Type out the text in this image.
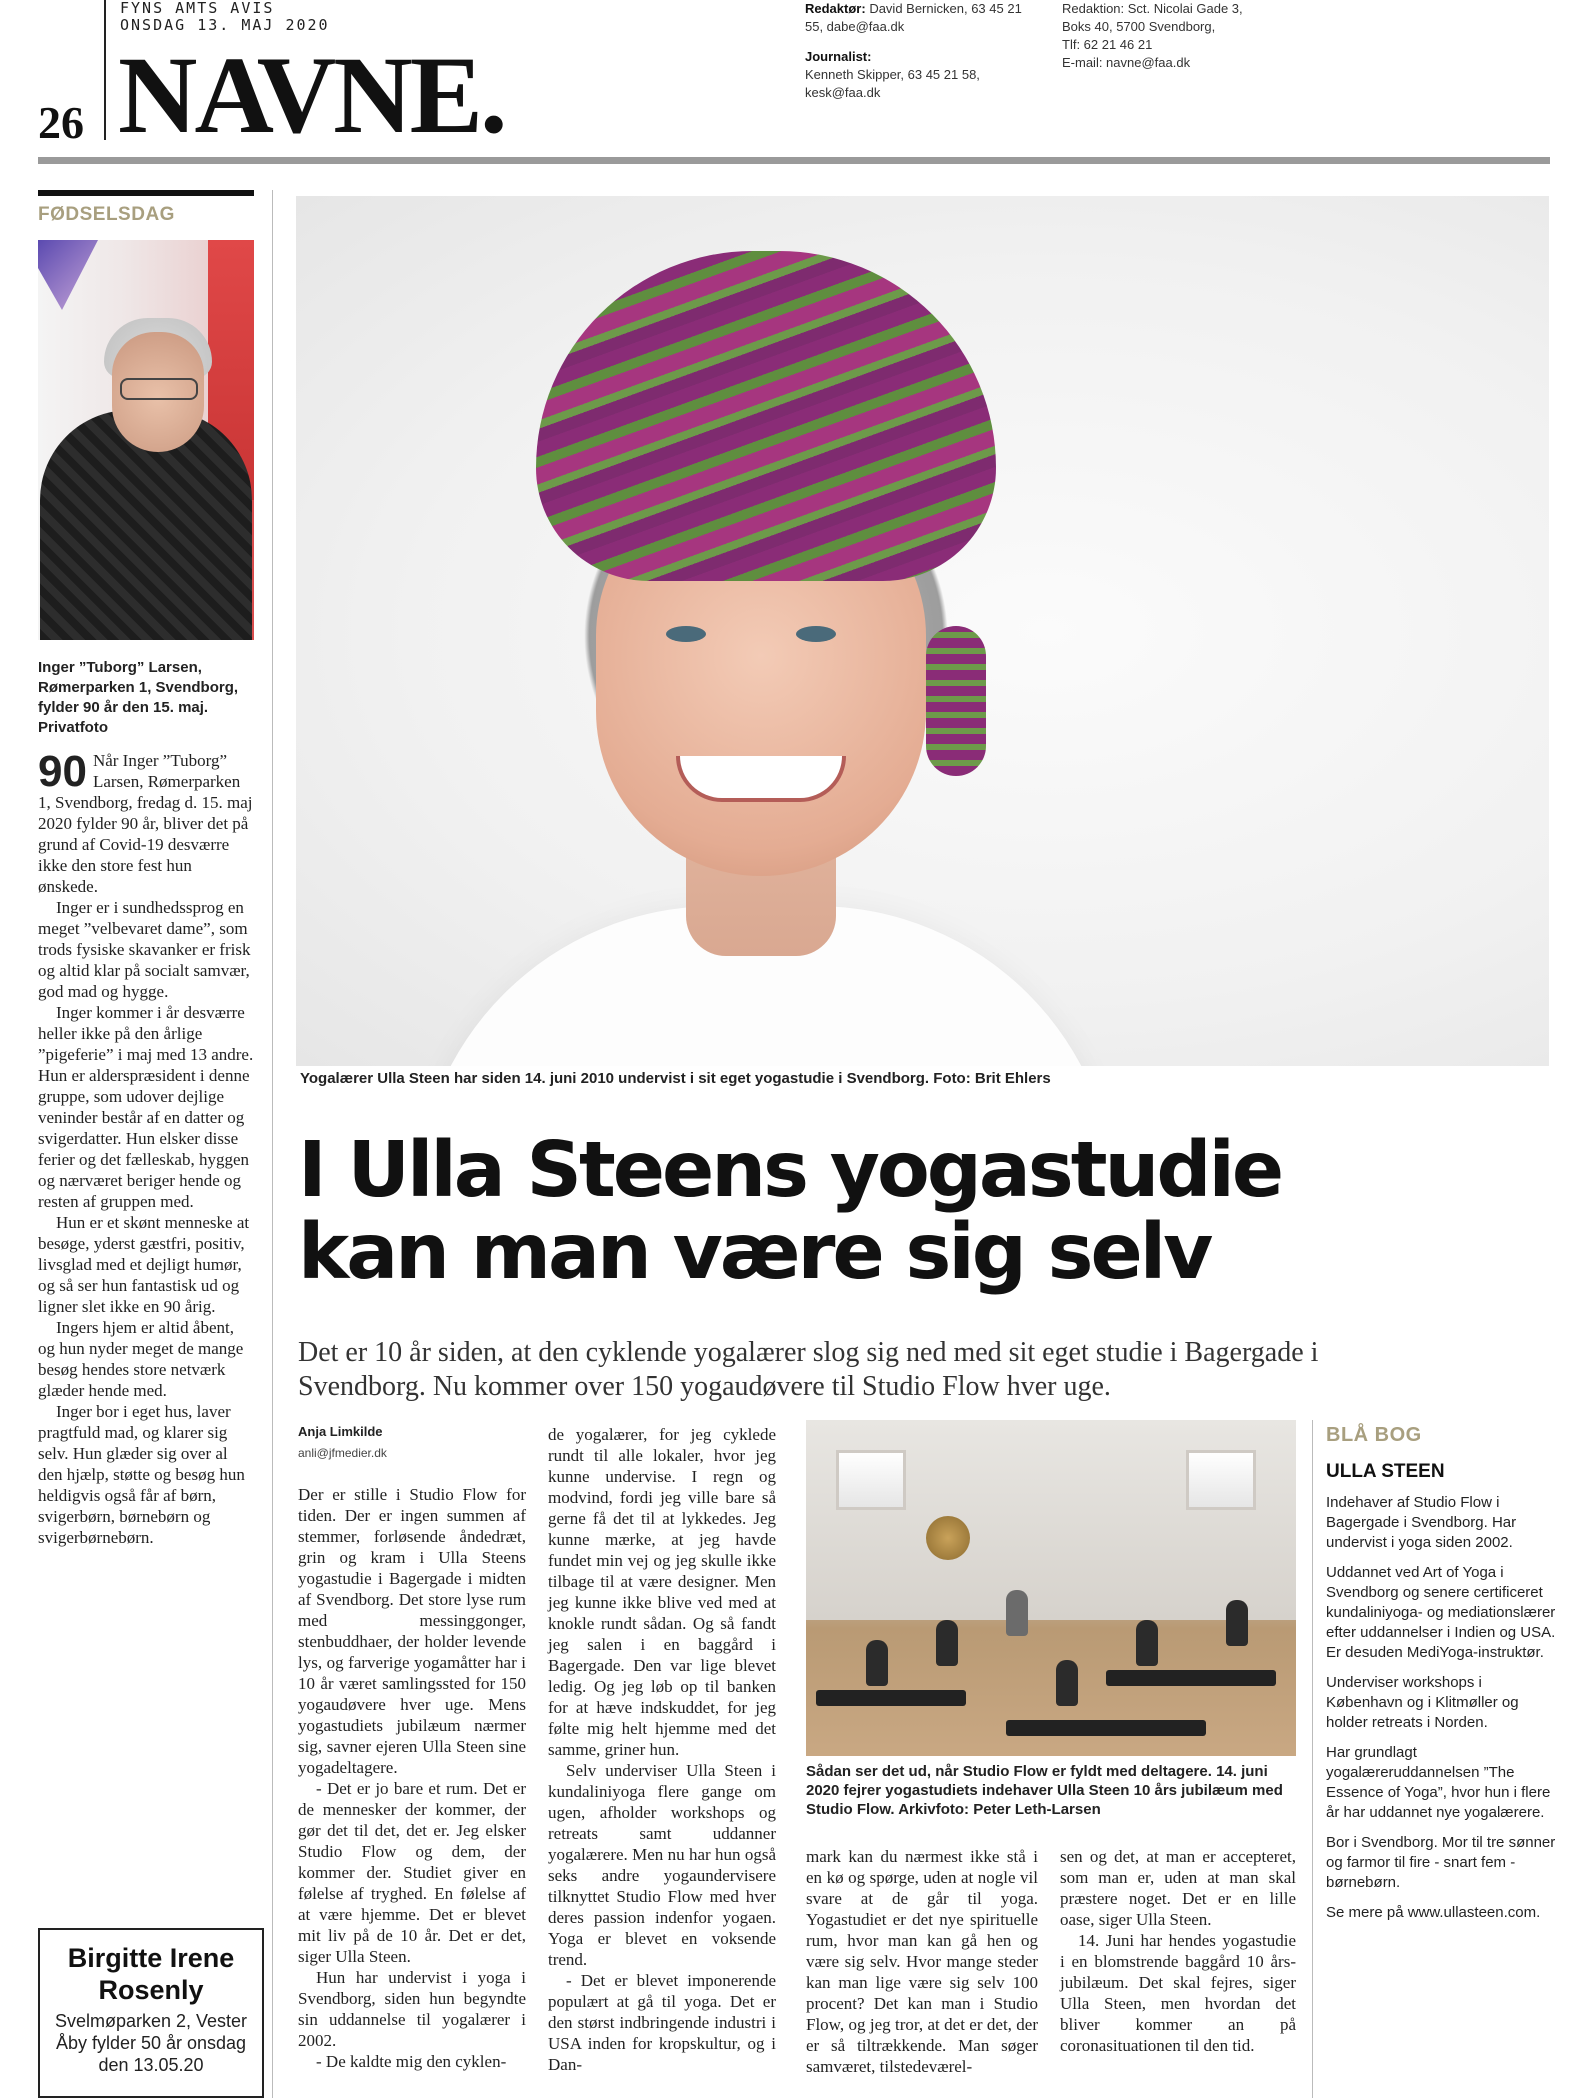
FYNS AMTS AVIS
ONSDAG 13. MAJ 2020
26 NAVNE.
Redaktør: David Bernicken, 63 45 21
55, dabe@faa.dk
Journalist:
Kenneth Skipper, 63 45 21 58,
kesk@faa.dk
Redaktion: Sct. Nicolai Gade 3,
Boks 40, 5700 Svendborg,
Tlf: 62 21 46 21
E-mail: navne@faa.dk
FØDSELSDAG
Inger ”Tuborg” Larsen, Rømerparken 1, Svendborg, fylder 90 år den 15. maj. Privatfoto

90 Når Inger ”Tuborg” Larsen, Rømerparken 1, Svendborg, fredag d. 15. maj 2020 fylder 90 år, bliver det på grund af Covid-19 desværre ikke den store fest hun ønskede.

Inger er i sundhedssprog en meget ”velbevaret dame”, som trods fysiske skavanker er frisk og altid klar på socialt samvær, god mad og hygge.

Inger kommer i år desværre heller ikke på den årlige ”pigeferie” i maj med 13 andre. Hun er alderspræsident i denne gruppe, som udover dejlige veninder består af en datter og svigerdatter. Hun elsker disse ferier og det fælleskab, hyggen og nærværet beriger hende og resten af gruppen med.

Hun er et skønt menneske at besøge, yderst gæstfri, positiv, livsglad med et dejligt humør, og så ser hun fantastisk ud og ligner slet ikke en 90 årig.

Ingers hjem er altid åbent, og hun nyder meget de mange besøg hendes store netværk glæder hende med.

Inger bor i eget hus, laver pragtfuld mad, og klarer sig selv. Hun glæder sig over al den hjælp, støtte og besøg hun heldigvis også får af børn, svigerbørn, børnebørn og svigerbørnebørn.

Birgitte Irene Rosenly
Svelmøparken 2, Vester Åby fylder 50 år onsdag den 13.05.20
Yogalærer Ulla Steen har siden 14. juni 2010 undervist i sit eget yogastudie i Svendborg. Foto: Brit Ehlers
I Ulla Steens yogastudie
kan man være sig selv
Det er 10 år siden, at den cyklende yogalærer slog sig ned med sit eget studie i Bagergade i Svendborg. Nu kommer over 150 yogaudøvere til Studio Flow hver uge.
Anja Limkilde
anli@jfmedier.dk

Der er stille i Studio Flow for tiden. Der er ingen summen af stemmer, forløsende åndedræt, grin og kram i Ulla Steens yogastudie i Bagergade i midten af Svendborg. Det store lyse rum med messinggonger, stenbuddhaer, der holder levende lys, og farverige yogamåtter har i 10 år været samlingssted for 150 yogaudøvere hver uge. Mens yogastudiets jubilæum nærmer sig, savner ejeren Ulla Steen sine yogadeltagere.

- Det er jo bare et rum. Det er de mennesker der kommer, der gør det til det, det er. Jeg elsker Studio Flow og dem, der kommer der. Studiet giver en følelse af tryghed. En følelse af at være hjemme. Det er blevet mit liv på de 10 år. Det er det, siger Ulla Steen.

Hun har undervist i yoga i Svendborg, siden hun begyndte sin uddannelse til yogalærer i 2002.

- De kaldte mig den cyklen-

de yogalærer, for jeg cyklede rundt til alle lokaler, hvor jeg kunne undervise. I regn og modvind, fordi jeg ville bare så gerne få det til at lykkedes. Jeg kunne mærke, at jeg havde fundet min vej og jeg skulle ikke tilbage til at være designer. Men jeg kunne ikke blive ved med at knokle rundt sådan. Og så fandt jeg salen i en baggård i Bagergade. Den var lige blevet ledig. Og jeg løb op til banken for at hæve indskuddet, for jeg følte mig helt hjemme med det samme, griner hun.

Selv underviser Ulla Steen i kundaliniyoga flere gange om ugen, afholder workshops og retreats samt uddanner yogalærere. Men nu har hun også seks andre yogaundervisere tilknyttet Studio Flow med hver deres passion indenfor yogaen. Yoga er blevet en voksende trend.

- Det er blevet imponerende populært at gå til yoga. Det er den størst indbringende industri i USA inden for kropskultur, og i Dan-

Sådan ser det ud, når Studio Flow er fyldt med deltagere. 14. juni 2020 fejrer yogastudiets indehaver Ulla Steen 10 års jubilæum med Studio Flow. Arkivfoto: Peter Leth-Larsen

mark kan du nærmest ikke stå i en kø og spørge, uden at nogle vil svare at de går til yoga. Yogastudiet er det nye spirituelle rum, hvor man kan gå hen og være sig selv. Hvor mange steder kan man lige være sig selv 100 procent? Det kan man i Studio Flow, og jeg tror, at det er det, der er så tiltrækkende. Man søger samværet, tilstedeværel-

sen og det, at man er accepteret, som man er, uden at man skal præstere noget. Det er en lille oase, siger Ulla Steen.

14. Juni har hendes yogastudie i en blomstrende baggård 10 års-jubilæum. Det skal fejres, siger Ulla Steen, men hvordan det bliver kommer an på coronasituationen til den tid.

BLÅ BOG
ULLA STEEN
Indehaver af Studio Flow i Bagergade i Svendborg. Har undervist i yoga siden 2002.
Uddannet ved Art of Yoga i Svendborg og senere certificeret kundaliniyoga- og mediationslærer efter uddannelser i Indien og USA. Er desuden MediYoga-instruktør.
Underviser workshops i København og i Klitmøller og holder retreats i Norden.
Har grundlagt yogalæreruddannelsen ”The Essence of Yoga”, hvor hun i flere år har uddannet nye yogalærere.
Bor i Svendborg. Mor til tre sønner og farmor til fire - snart fem - børnebørn.
Se mere på www.ullasteen.com.
